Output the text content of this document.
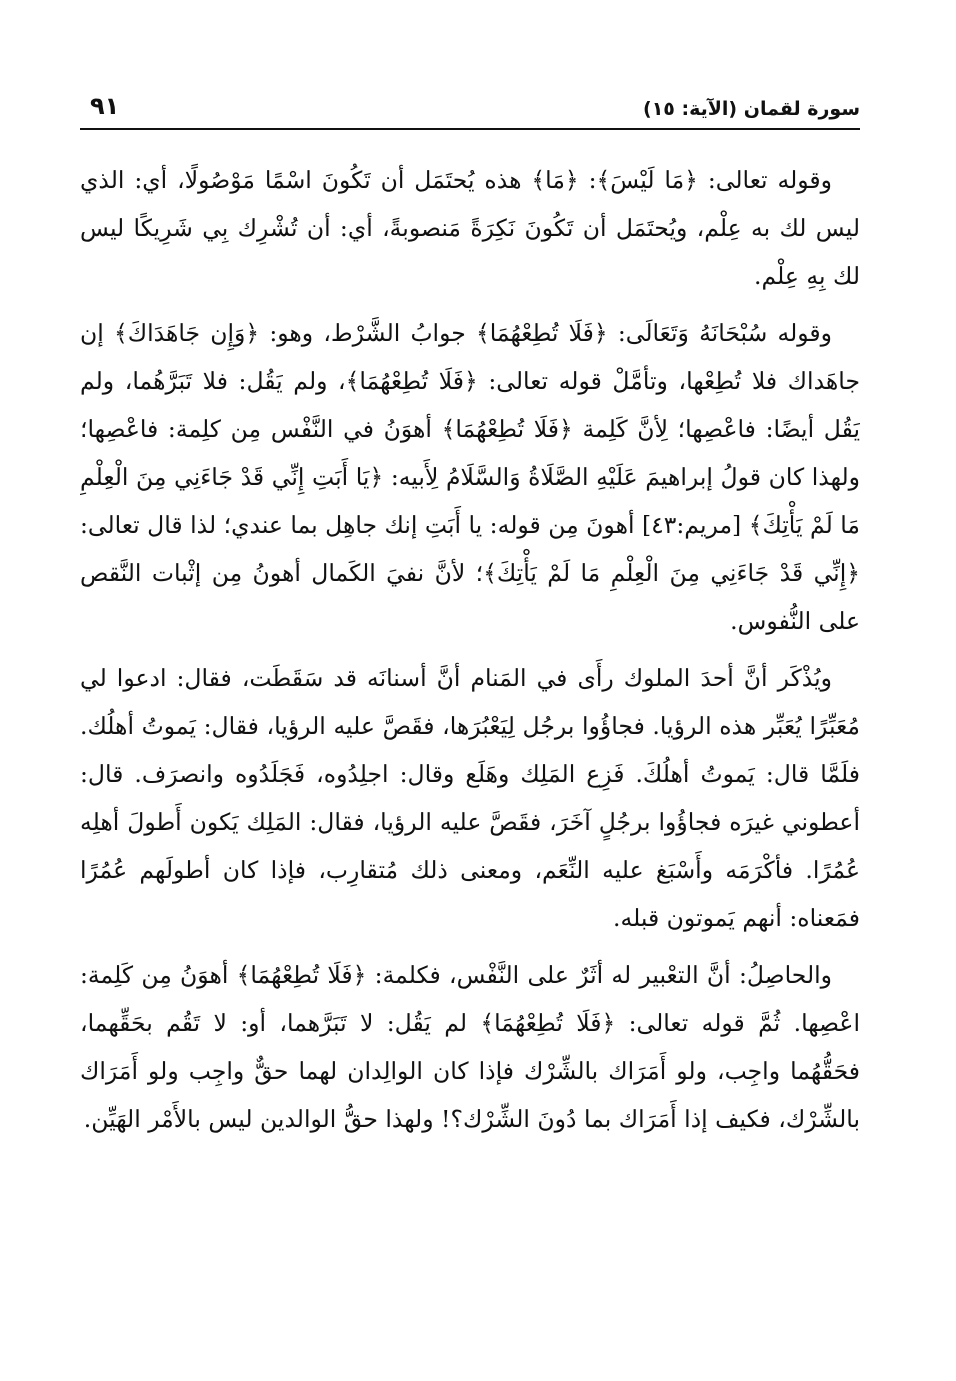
سورة لقمان (الآية: ١٥)
٩١

وقوله تعالى: ﴿مَا لَيْسَ﴾: ﴿مَا﴾ هذه يُحتَمَل أن تَكُونَ اسْمًا مَوْصُولًا، أي: الذي ليس لك به عِلْم، ويُحتَمَل أن تَكُونَ نَكِرَةً مَنصوبةً، أي: أن تُشْرِك بِي شَرِيكًا ليس لك بِهِ عِلْم.

وقوله سُبْحَانَهُ وَتَعَالَى: ﴿فَلَا تُطِعْهُمَا﴾ جوابُ الشَّرْط، وهو: ﴿وَإِن جَاهَدَاكَ﴾ إن جاهَداك فلا تُطِعْها، وتأمَّلْ قوله تعالى: ﴿فَلَا تُطِعْهُمَا﴾، ولم يَقُل: فلا تَبَرَّهُما، ولم يَقُل أيضًا: فاعْصِها؛ لِأنَّ كَلِمة ﴿فَلَا تُطِعْهُمَا﴾ أهوَنُ في النَّفْس مِن كلِمة: فاعْصِها؛ ولهذا كان قولُ إبراهيمَ عَلَيْهِ الصَّلَاةُ وَالسَّلَامُ لِأَبيه: ﴿يَا أَبَتِ إِنِّي قَدْ جَاءَنِي مِنَ الْعِلْمِ مَا لَمْ يَأْتِكَ﴾ [مريم:٤٣] أهونَ مِن قوله: يا أَبَتِ إنك جاهِل بما عندي؛ لذا قال تعالى: ﴿إِنِّي قَدْ جَاءَنِي مِنَ الْعِلْمِ مَا لَمْ يَأْتِكَ﴾؛ لأنَّ نفيَ الكَمال أهونُ مِن إثْبات النَّقص على النُّفوس.

ويُذْكَر أنَّ أحدَ الملوك رأَى في المَنام أنَّ أسنانَه قد سَقَطَت، فقال: ادعوا لي مُعَبِّرًا يُعَبِّر هذه الرؤيا. فجاؤُوا برجُل لِيَعْبُرَها، فقَصَّ عليه الرؤيا، فقال: يَموتُ أهلُك. فلَمَّا قال: يَموتُ أهلُكَ. فَزِع المَلِك وهَلَع وقال: اجلِدُوه، فَجَلَدُوه وانصرَف. قال: أعطوني غيرَه فجاؤُوا برجُلٍ آخَرَ، فقَصَّ عليه الرؤيا، فقال: المَلِك يَكون أَطولَ أهلِه عُمُرًا. فأكْرَمَه وأَسْبَغ عليه النِّعَم، ومعنى ذلك مُتقارِب، فإذا كان أطولَهم عُمُرًا فمَعناه: أنهم يَموتون قبله.

والحاصِلُ: أنَّ التعْبير له أثَرٌ على النَّفْس، فكلمة: ﴿فَلَا تُطِعْهُمَا﴾ أهوَنُ مِن كَلِمة: اعْصِها. ثُمَّ قوله تعالى: ﴿فَلَا تُطِعْهُمَا﴾ لم يَقُل: لا تَبَرَّهما، أو: لا تَقُم بحَقِّهما، فحَقُّهُما واجِب، ولو أَمَرَاك بالشِّرْك فإذا كان الوالِدان لهما حقٌّ واجِب ولو أَمَرَاك بالشِّرْك، فكيف إذا أَمَرَاك بما دُونَ الشِّرْك؟! ولهذا حقُّ الوالدين ليس بالأَمْر الهَيِّن.
